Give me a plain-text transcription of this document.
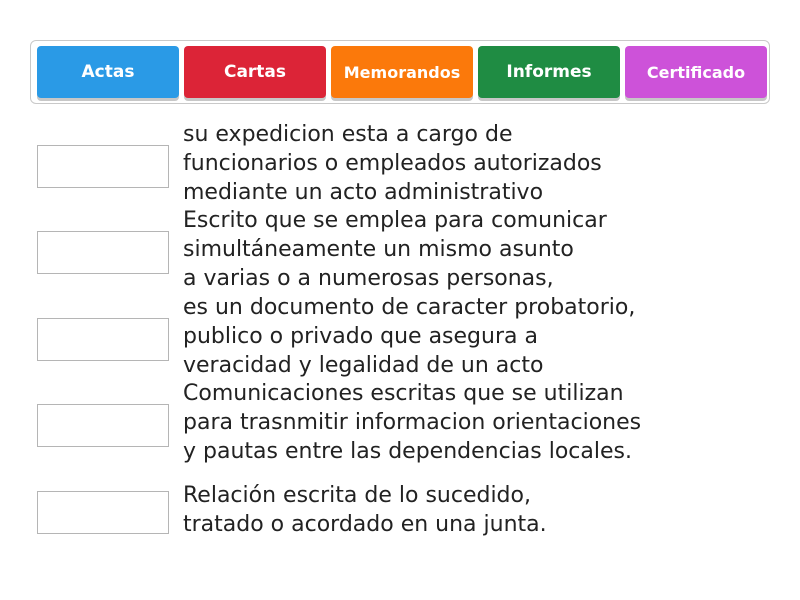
Actas	Cartas	Memorandos	Informes	Certificado
su expedicion esta a cargo de
funcionarios o empleados autorizados
mediante un acto administrativo
Escrito que se emplea para comunicar
simultáneamente un mismo asunto
a varias o a numerosas personas,
es un documento de caracter probatorio,
publico o privado que asegura a
veracidad y legalidad de un acto
Comunicaciones escritas que se utilizan
para trasnmitir informacion orientaciones
y pautas entre las dependencias locales.
Relación escrita de lo sucedido,
tratado o acordado en una junta.
